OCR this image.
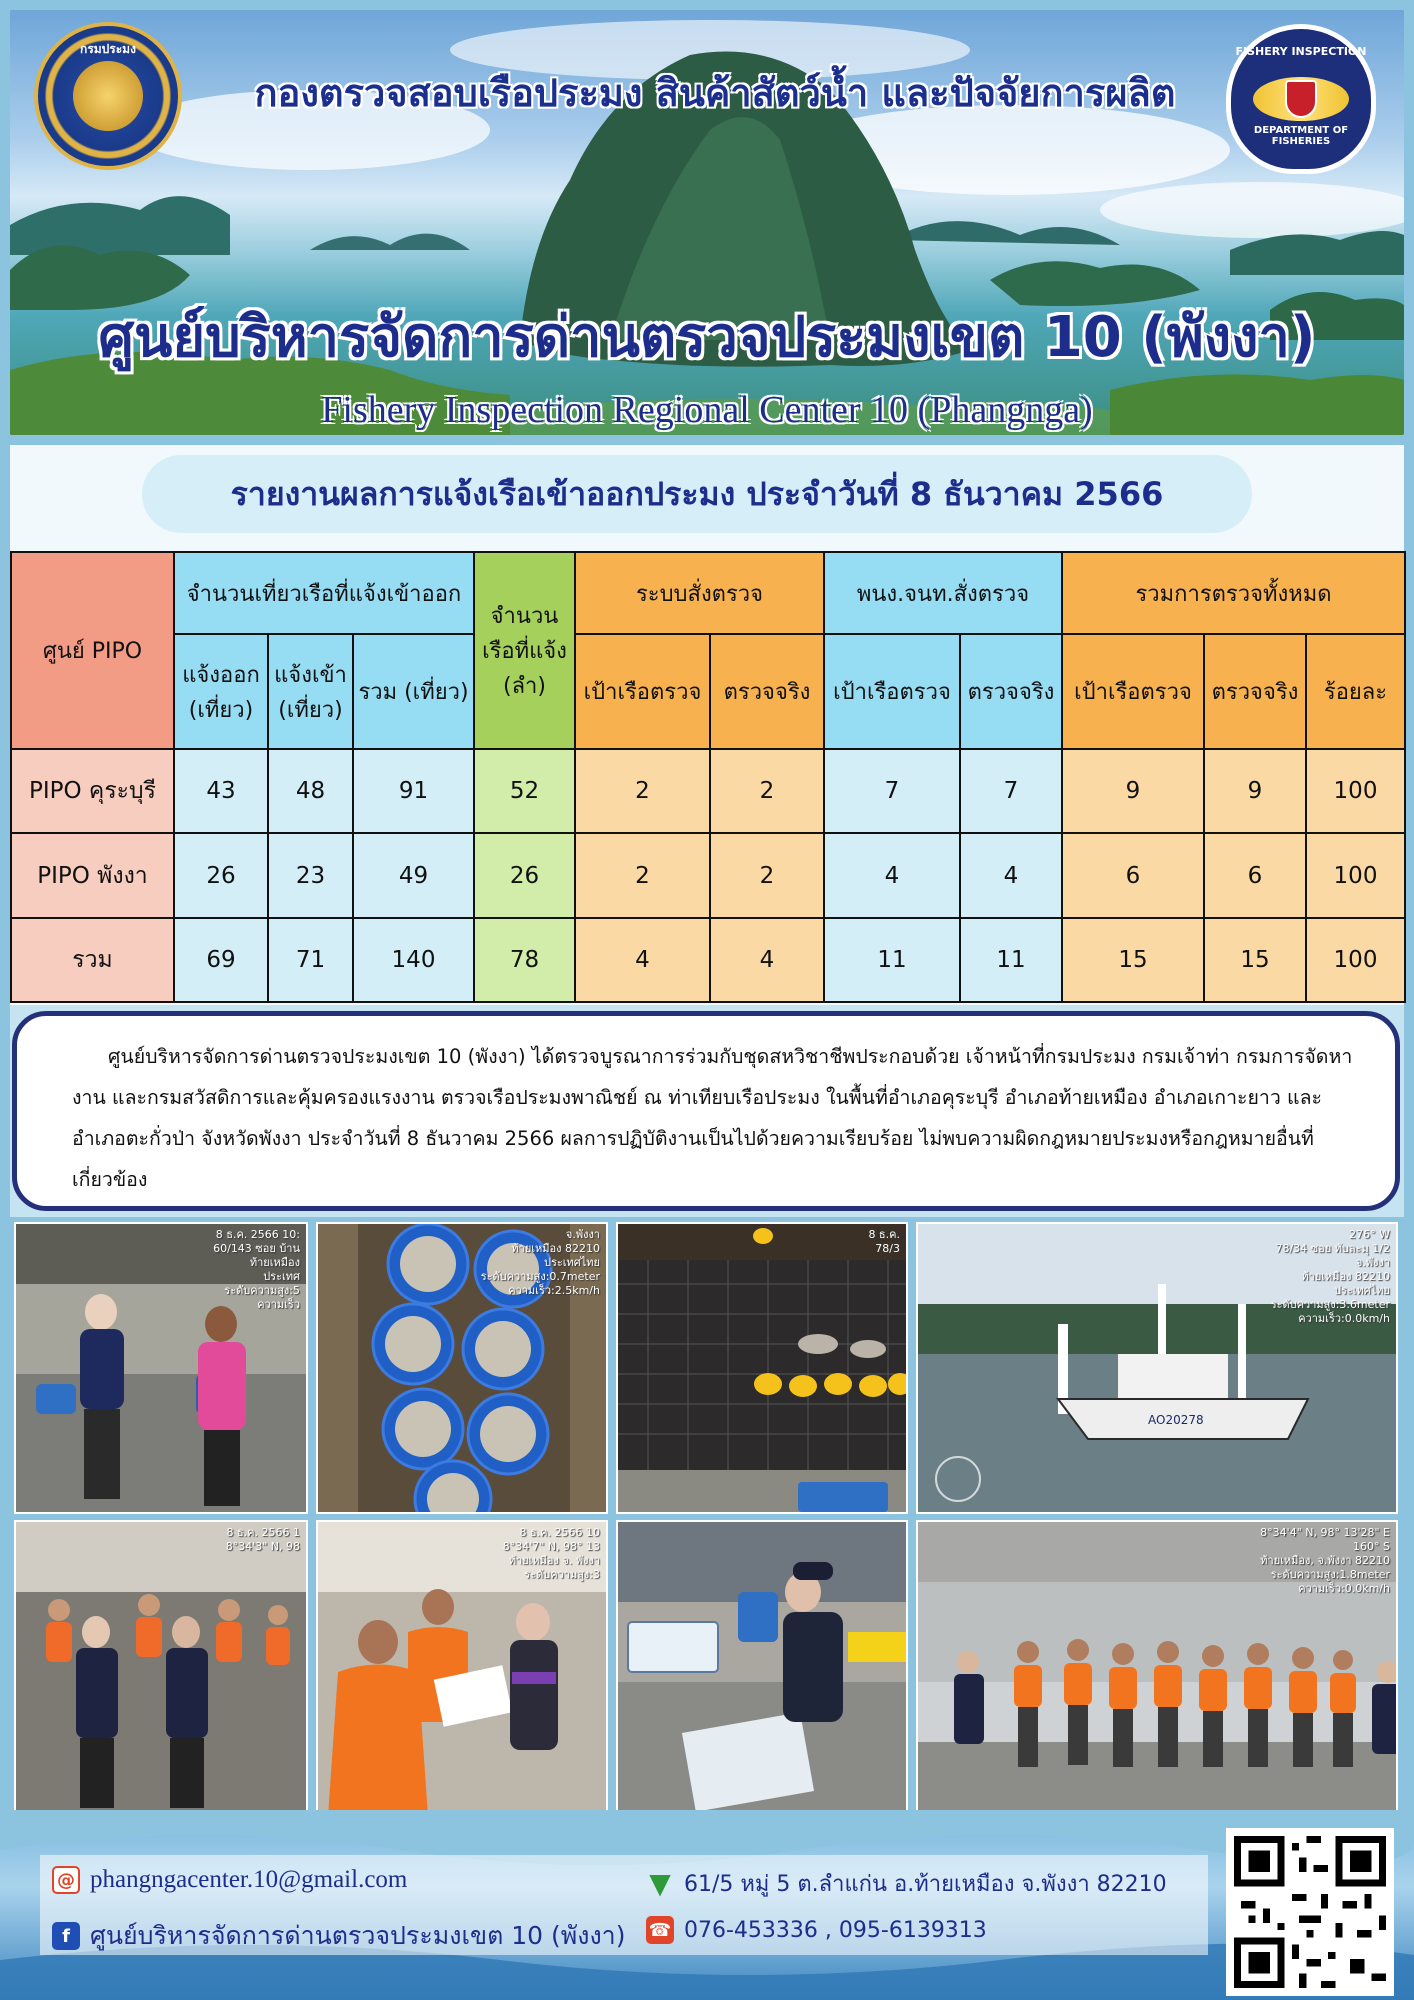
กรมประมง
กองตรวจสอบเรือประมง สินค้าสัตว์น้ำ และปัจจัยการผลิต
FISHERY INSPECTION
DEPARTMENT OF FISHERIES
ศูนย์บริหารจัดการด่านตรวจประมงเขต 10 (พังงา)
Fishery Inspection Regional Center 10 (Phangnga)
รายงานผลการแจ้งเรือเข้าออกประมง ประจำวันที่ 8 ธันวาคม 2566
ศูนย์ PIPO	จำนวนเที่ยวเรือที่แจ้งเข้าออก			จำนวนเรือที่แจ้ง (ลำ)	ระบบสั่งตรวจ		พนง.จนท.สั่งตรวจ		รวมการตรวจทั้งหมด		
	แจ้งออก (เที่ยว)	แจ้งเข้า (เที่ยว)	รวม (เที่ยว)		เป้าเรือตรวจ	ตรวจจริง	เป้าเรือตรวจ	ตรวจจริง	เป้าเรือตรวจ	ตรวจจริง	ร้อยละ
PIPO คุระบุรี	43	48	91	52	2	2	7	7	9	9	100
PIPO พังงา	26	23	49	26	2	2	4	4	6	6	100
รวม	69	71	140	78	4	4	11	11	15	15	100

ศูนย์บริหารจัดการด่านตรวจประมงเขต 10 (พังงา) ได้ตรวจบูรณาการร่วมกับชุดสหวิชาชีพประกอบด้วย เจ้าหน้าที่กรมประมง กรมเจ้าท่า กรมการจัดหางาน และกรมสวัสดิการและคุ้มครองแรงงาน ตรวจเรือประมงพาณิชย์ ณ ท่าเทียบเรือประมง ในพื้นที่อำเภอคุระบุรี อำเภอท้ายเหมือง อำเภอเกาะยาว และอำเภอตะกั่วป่า จังหวัดพังงา ประจำวันที่ 8 ธันวาคม 2566 ผลการปฏิบัติงานเป็นไปด้วยความเรียบร้อย ไม่พบความผิดกฎหมายประมงหรือกฎหมายอื่นที่เกี่ยวข้อง

8 ธ.ค. 2566 10:
60/143 ซอย บ้าน
ท้ายเหมือง
ประเทศ
ระดับความสูง:5
ความเร็ว
จ.พังงา
ท้ายเหมือง 82210
ประเทศไทย
ระดับความสูง:0.7meter
ความเร็ว:2.5km/h
8 ธ.ค.
78/3
AO20278
276° W
78/34 ซอย ทับละมุ 1/2
จ.พังงา
ท้ายเหมือง 82210
ประเทศไทย
ระดับความสูง:3.6meter
ความเร็ว:0.0km/h
8 ธ.ค. 2566 1
8°34'3" N, 98
8 ธ.ค. 2566 10
8°34'7" N, 98° 13
ท้ายเหมือง จ. พังงา
ระดับความสูง:3
8°34'4" N, 98° 13'28" E
160° S
ท้ายเหมือง, จ.พังงา 82210
ระดับความสูง:1.8meter
ความเร็ว:0.0km/h
@ phangngacenter.10@gmail.com
f ศูนย์บริหารจัดการด่านตรวจประมงเขต 10 (พังงา)
▼ 61/5 หมู่ 5 ต.ลำแก่น อ.ท้ายเหมือง จ.พังงา 82210
☎ 076-453336 , 095-6139313
